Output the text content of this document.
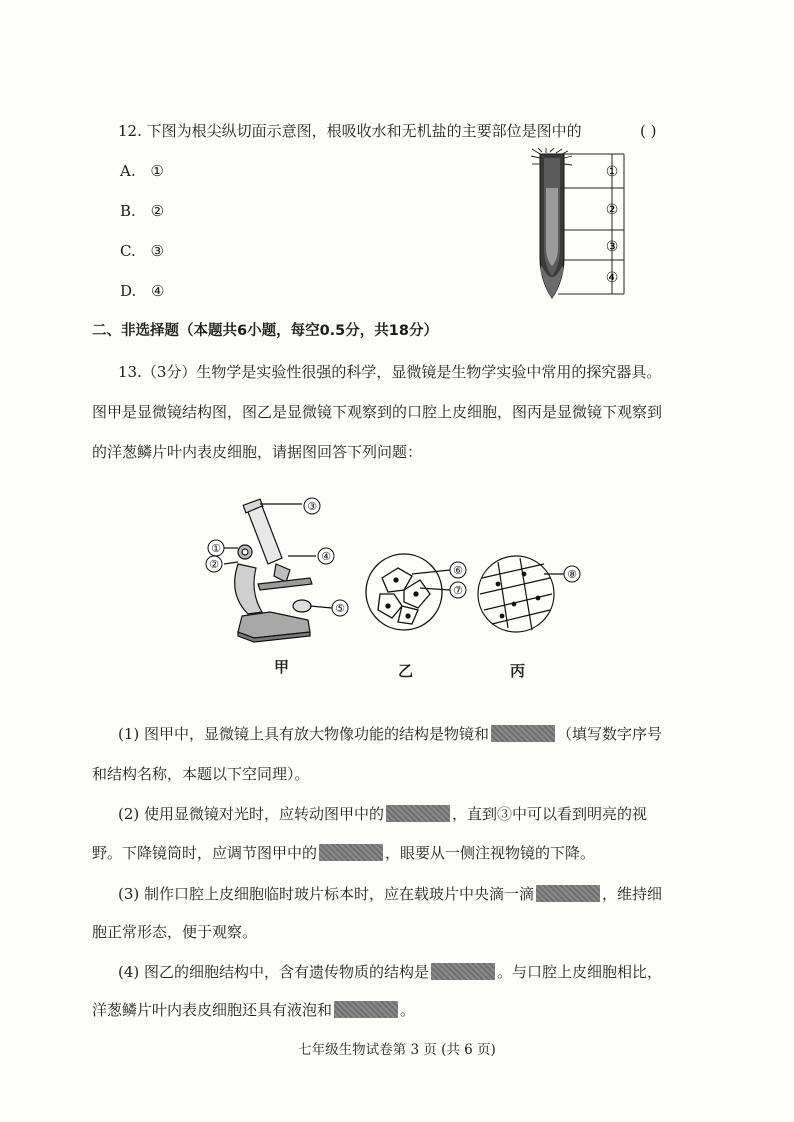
12. 下图为根尖纵切面示意图，根吸收水和无机盐的主要部位是图中的	( )
A. ①
B. ②
C. ③
D. ④
①
②
③
④
二、非选择题（本题共6小题，每空0.5分，共18分）
13.（3分）生物学是实验性很强的科学，显微镜是生物学实验中常用的探究器具。
图甲是显微镜结构图，图乙是显微镜下观察到的口腔上皮细胞，图丙是显微镜下观察到
的洋葱鳞片叶内表皮细胞，请据图回答下列问题：
③
①
②
④
⑤
⑥
⑦
⑧
甲	乙	丙
(1) 图甲中，显微镜上具有放大物像功能的结构是物镜和	（填写数字序号
和结构名称，本题以下空同理）。
(2) 使用显微镜对光时，应转动图甲中的	，直到③中可以看到明亮的视
野。下降镜筒时，应调节图甲中的	，眼要从一侧注视物镜的下降。
(3) 制作口腔上皮细胞临时玻片标本时，应在载玻片中央滴一滴	，维持细
胞正常形态，便于观察。
(4) 图乙的细胞结构中，含有遗传物质的结构是	。与口腔上皮细胞相比，
洋葱鳞片叶内表皮细胞还具有液泡和	。
七年级生物试卷第 3 页 (共 6 页)
